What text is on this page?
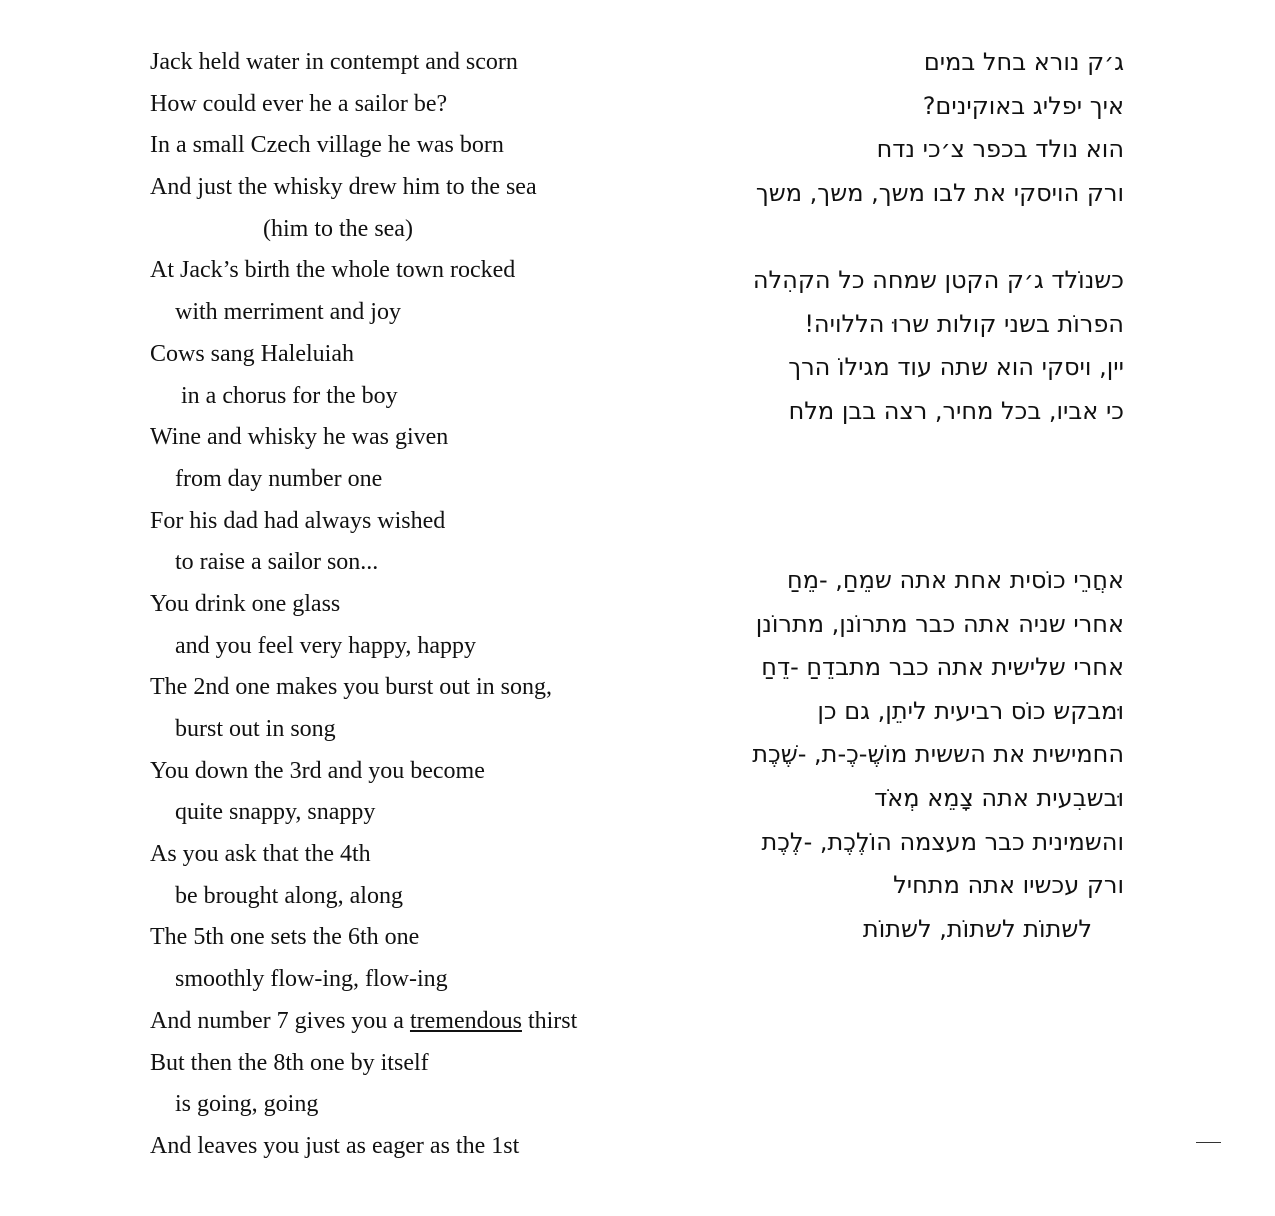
Jack held water in contempt and scorn
How could ever he a sailor be?
In a small Czech village he was born
And just the whisky drew him to the sea
(him to the sea)
At Jack’s birth the whole town rocked
with merriment and joy
Cows sang Haleluiah
in a chorus for the boy
Wine and whisky he was given
from day number one
For his dad had always wished
to raise a sailor son...
You drink one glass
and you feel very happy, happy
The 2nd one makes you burst out in song,
burst out in song
You down the 3rd and you become
quite snappy, snappy
As you ask that the 4th
be brought along, along
The 5th one sets the 6th one
smoothly flow-ing, flow-ing
And number 7 gives you a tremendous thirst
But then the 8th one by itself
is going, going
And leaves you just as eager as the 1st
ג׳ק נורא בחל במים
איך יפליג באוקינים?
הוא נולד בכפר צ׳כי נדח
ורק הויסקי את לבו משך, משך, משך
כשנוֹלד ג׳ק הקטן שמחה כל הקהִלה
הפרוֹת בשני קולות שרוּ הללויה!
יין, ויסקי הוא שתה עוד מגילוֹ הרך
כי אביו, בכל מחיר, רצה בבן מלח
אחֲרֵי כוֹסית אחת אתה שמֵחַ, -מֵחַ
אחרי שניה אתה כבר מתרוֹנן, מתרוֹנן
אחרי שלישית אתה כבר מתבדֵחַ -דֵחַ
וּמבקש כוֹס רביעית ליתֵן, גם כן
החמישית את הששית מוֹשֶ-כֶ-ת, -שֶׁכֶת
וּבשבִעית אתה צָמֵא מְאֹד
והשמינית כבר מעצמה הוֹלֶכֶת, -לֶכֶת
ורק עכשיו אתה מתחיל
לשתוֹת לשתוֹת, לשתוֹת
